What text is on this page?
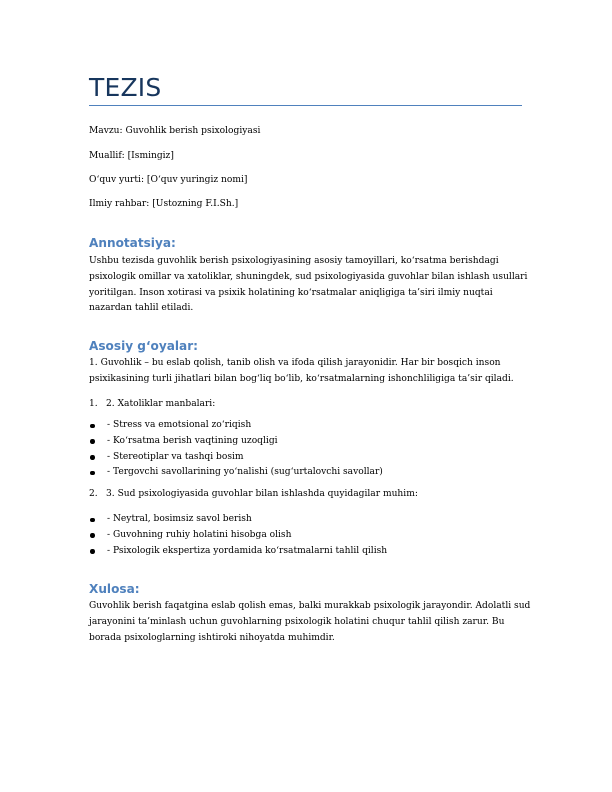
TEZIS

Mavzu: Guvohlik berish psixologiyasi

Muallif: [Ismingiz]

O‘quv yurti: [O‘quv yuringiz nomi]

Ilmiy rahbar: [Ustozning F.I.Sh.]

Annotatsiya:

Ushbu tezisda guvohlik berish psixologiyasining asosiy tamoyillari, ko‘rsatma berishdagi
psixologik omillar va xatoliklar, shuningdek, sud psixologiyasida guvohlar bilan ishlash usullari
yoritilgan. Inson xotirasi va psixik holatining ko‘rsatmalar aniqligiga ta’siri ilmiy nuqtai
nazardan tahlil etiladi.

Asosiy g‘oyalar:

1. Guvohlik – bu eslab qolish, tanib olish va ifoda qilish jarayonidir. Har bir bosqich inson
psixikasining turli jihatlari bilan bog‘liq bo‘lib, ko‘rsatmalarning ishonchliligiga ta’sir qiladi.

1. 2. Xatoliklar manbalari:

- Stress va emotsional zo‘riqish
- Ko‘rsatma berish vaqtining uzoqligi
- Stereotiplar va tashqi bosim
- Tergovchi savollarining yo‘nalishi (sug‘urtalovchi savollar)

2. 3. Sud psixologiyasida guvohlar bilan ishlashda quyidagilar muhim:

- Neytral, bosimsiz savol berish
- Guvohning ruhiy holatini hisobga olish
- Psixologik ekspertiza yordamida ko‘rsatmalarni tahlil qilish
Xulosa:

Guvohlik berish faqatgina eslab qolish emas, balki murakkab psixologik jarayondir. Adolatli sud
jarayonini ta’minlash uchun guvohlarning psixologik holatini chuqur tahlil qilish zarur. Bu
borada psixologlarning ishtiroki nihoyatda muhimdir.
